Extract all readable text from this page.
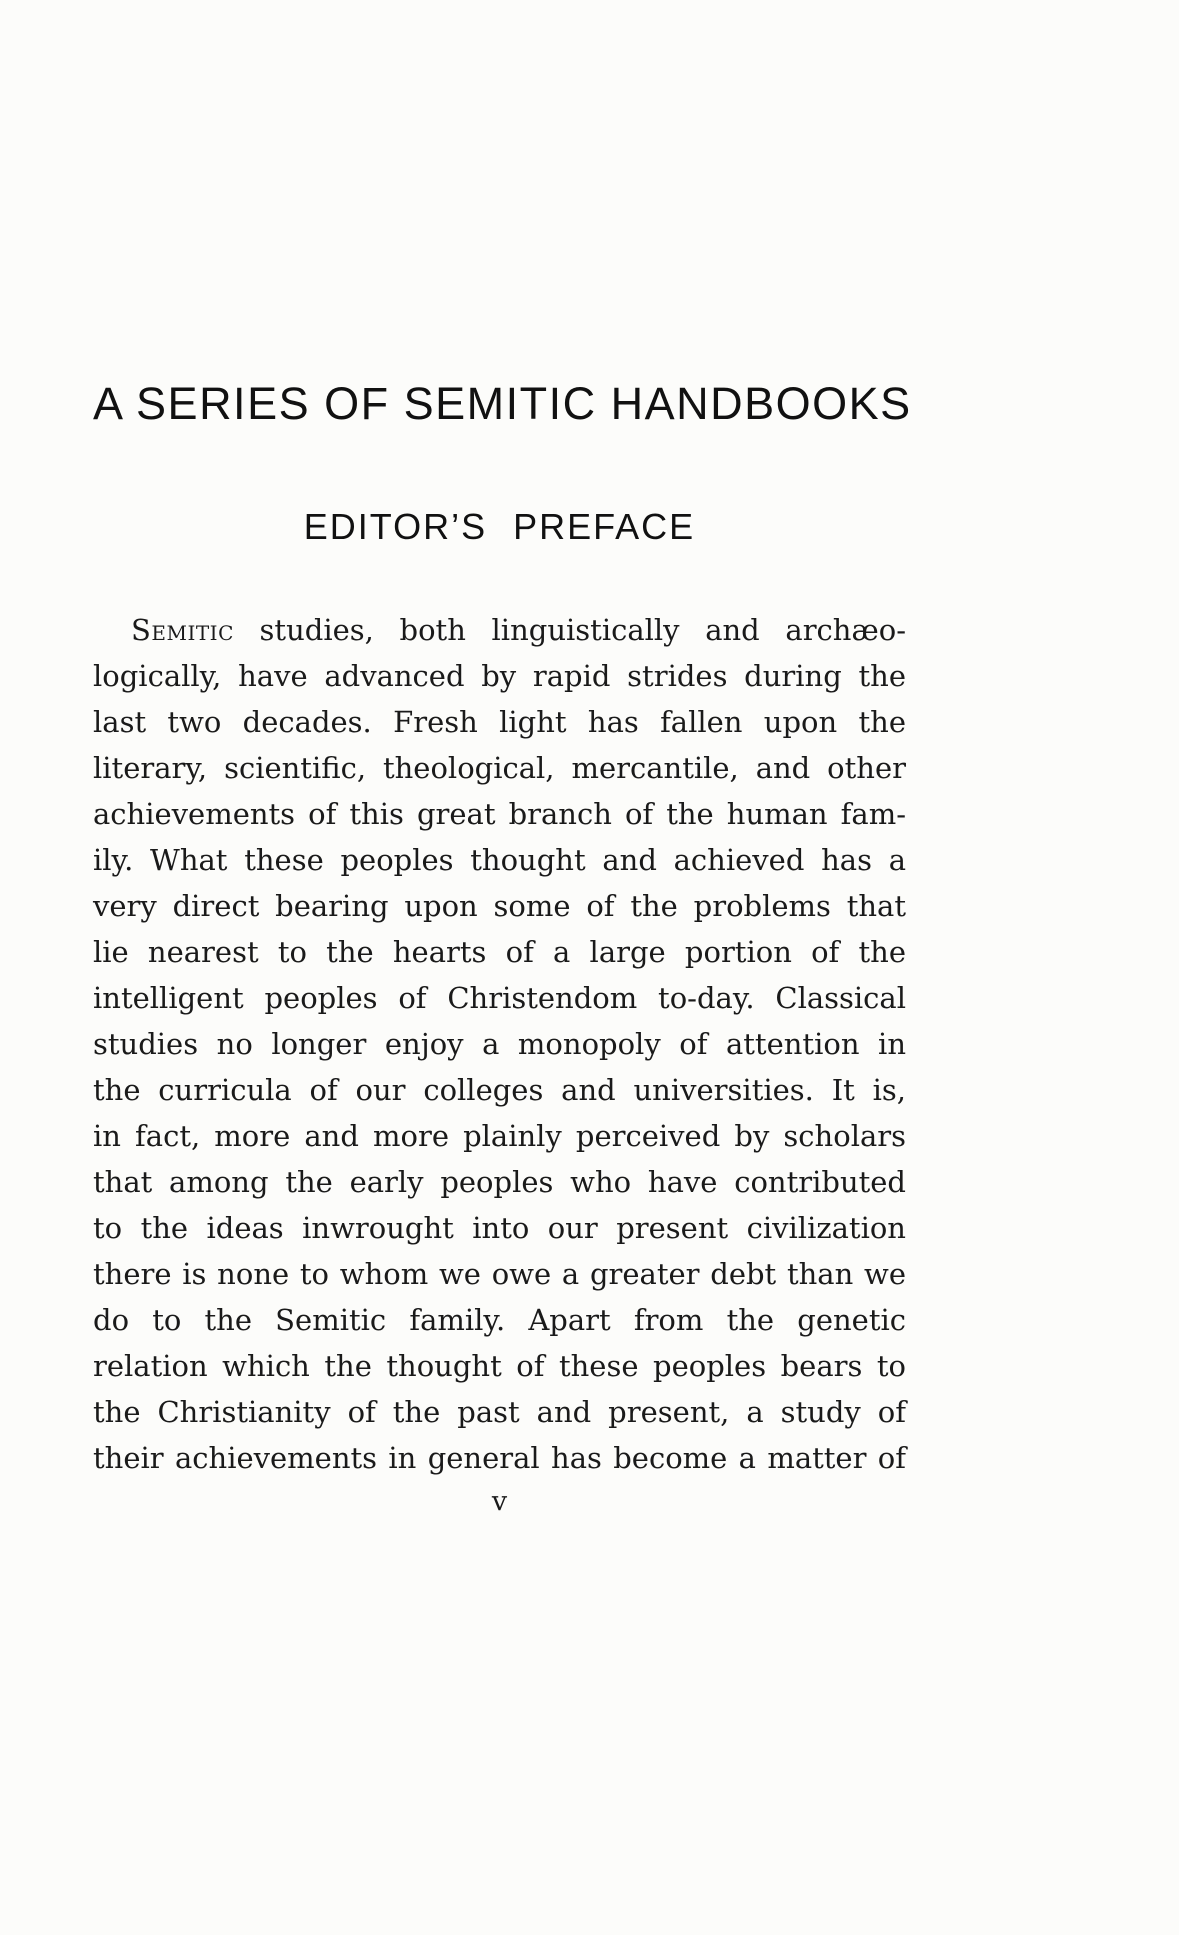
A SERIES OF SEMITIC HANDBOOKS
EDITOR’S PREFACE
Semitic studies, both linguistically and archæo-
logically, have advanced by rapid strides during the
last two decades. Fresh light has fallen upon the
literary, scientific, theological, mercantile, and other
achievements of this great branch of the human fam-
ily. What these peoples thought and achieved has a
very direct bearing upon some of the problems that
lie nearest to the hearts of a large portion of the
intelligent peoples of Christendom to-day. Classical
studies no longer enjoy a monopoly of attention in
the curricula of our colleges and universities. It is,
in fact, more and more plainly perceived by scholars
that among the early peoples who have contributed
to the ideas inwrought into our present civilization
there is none to whom we owe a greater debt than we
do to the Semitic family. Apart from the genetic
relation which the thought of these peoples bears to
the Christianity of the past and present, a study of
their achievements in general has become a matter of
v
